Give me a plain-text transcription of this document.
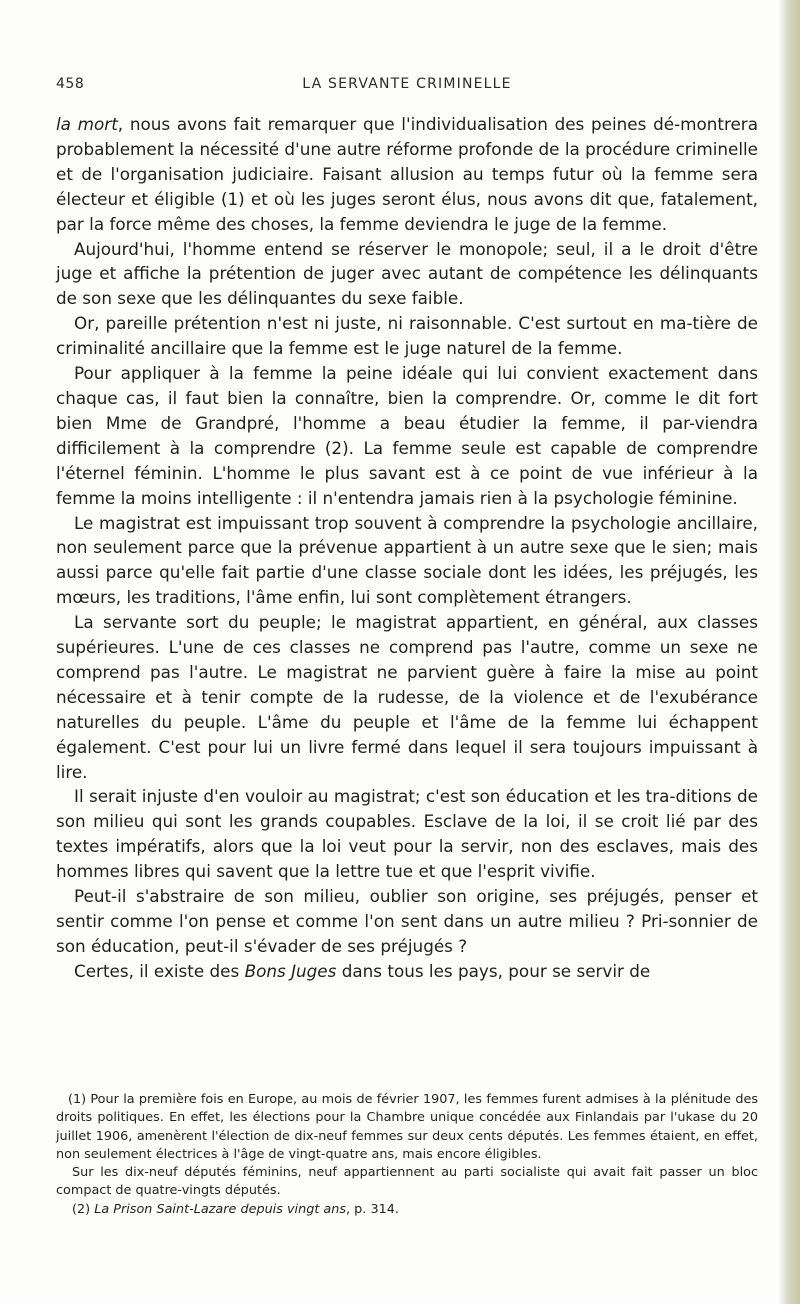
458	LA SERVANTE CRIMINELLE

la mort, nous avons fait remarquer que l'individualisation des peines dé-montrera probablement la nécessité d'une autre réforme profonde de la procédure criminelle et de l'organisation judiciaire. Faisant allusion au temps futur où la femme sera électeur et éligible (1) et où les juges seront élus, nous avons dit que, fatalement, par la force même des choses, la femme deviendra le juge de la femme.

Aujourd'hui, l'homme entend se réserver le monopole; seul, il a le droit d'être juge et affiche la prétention de juger avec autant de compétence les délinquants de son sexe que les délinquantes du sexe faible.

Or, pareille prétention n'est ni juste, ni raisonnable. C'est surtout en ma-tière de criminalité ancillaire que la femme est le juge naturel de la femme.

Pour appliquer à la femme la peine idéale qui lui convient exactement dans chaque cas, il faut bien la connaître, bien la comprendre. Or, comme le dit fort bien Mme de Grandpré, l'homme a beau étudier la femme, il par-viendra difficilement à la comprendre (2). La femme seule est capable de comprendre l'éternel féminin. L'homme le plus savant est à ce point de vue inférieur à la femme la moins intelligente : il n'entendra jamais rien à la psychologie féminine.

Le magistrat est impuissant trop souvent à comprendre la psychologie ancillaire, non seulement parce que la prévenue appartient à un autre sexe que le sien; mais aussi parce qu'elle fait partie d'une classe sociale dont les idées, les préjugés, les mœurs, les traditions, l'âme enfin, lui sont complètement étrangers.

La servante sort du peuple; le magistrat appartient, en général, aux classes supérieures. L'une de ces classes ne comprend pas l'autre, comme un sexe ne comprend pas l'autre. Le magistrat ne parvient guère à faire la mise au point nécessaire et à tenir compte de la rudesse, de la violence et de l'exubérance naturelles du peuple. L'âme du peuple et l'âme de la femme lui échappent également. C'est pour lui un livre fermé dans lequel il sera toujours impuissant à lire.

Il serait injuste d'en vouloir au magistrat; c'est son éducation et les tra-ditions de son milieu qui sont les grands coupables. Esclave de la loi, il se croit lié par des textes impératifs, alors que la loi veut pour la servir, non des esclaves, mais des hommes libres qui savent que la lettre tue et que l'esprit vivifie.

Peut-il s'abstraire de son milieu, oublier son origine, ses préjugés, penser et sentir comme l'on pense et comme l'on sent dans un autre milieu ? Pri-sonnier de son éducation, peut-il s'évader de ses préjugés ?

Certes, il existe des Bons Juges dans tous les pays, pour se servir de

(1) Pour la première fois en Europe, au mois de février 1907, les femmes furent admises à la plénitude des droits politiques. En effet, les élections pour la Chambre unique concédée aux Finlandais par l'ukase du 20 juillet 1906, amenèrent l'élection de dix-neuf femmes sur deux cents députés. Les femmes étaient, en effet, non seulement électrices à l'âge de vingt-quatre ans, mais encore éligibles.

Sur les dix-neuf députés féminins, neuf appartiennent au parti socialiste qui avait fait passer un bloc compact de quatre-vingts députés.

(2) La Prison Saint-Lazare depuis vingt ans, p. 314.
